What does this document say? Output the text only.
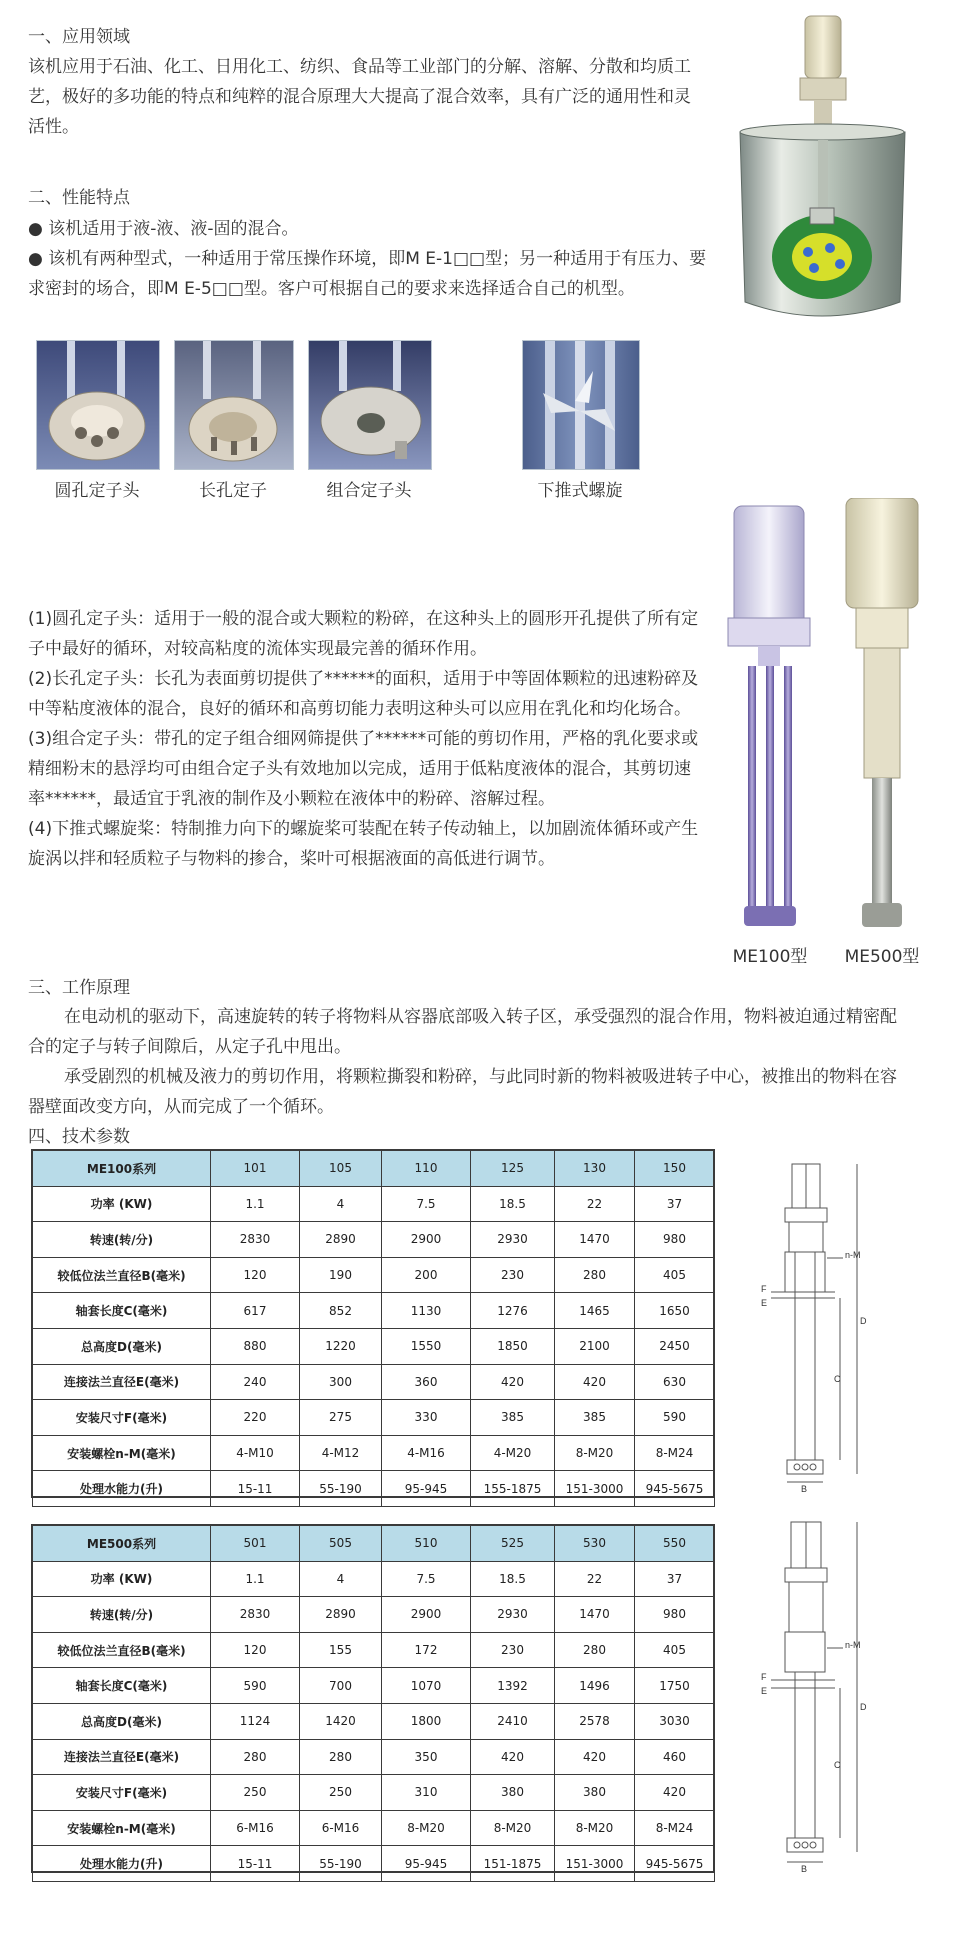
一、应用领域
该机应用于石油、化工、日用化工、纺织、食品等工业部门的分解、溶解、分散和均质工
艺，极好的多功能的特点和纯粹的混合原理大大提高了混合效率，具有广泛的通用性和灵
活性。
二、性能特点
● 该机适用于液-液、液-固的混合。
● 该机有两种型式，一种适用于常压操作环境，即M E-1□□型；另一种适用于有压力、要
求密封的场合，即M E-5□□型。客户可根据自己的要求来选择适合自己的机型。
圆孔定子头	长孔定子	组合定子头	下推式螺旋
(1)圆孔定子头：适用于一般的混合或大颗粒的粉碎，在这种头上的圆形开孔提供了所有定
子中最好的循环，对较高粘度的流体实现最完善的循环作用。
(2)长孔定子头：长孔为表面剪切提供了******的面积，适用于中等固体颗粒的迅速粉碎及
中等粘度液体的混合，良好的循环和高剪切能力表明这种头可以应用在乳化和均化场合。
(3)组合定子头：带孔的定子组合细网筛提供了******可能的剪切作用，严格的乳化要求或
精细粉末的悬浮均可由组合定子头有效地加以完成，适用于低粘度液体的混合，其剪切速
率******，最适宜于乳液的制作及小颗粒在液体中的粉碎、溶解过程。
(4)下推式螺旋桨：特制推力向下的螺旋桨可装配在转子传动轴上，以加剧流体循环或产生
旋涡以拌和轻质粒子与物料的掺合，桨叶可根据液面的高低进行调节。
ME100型	ME500型
三、工作原理
在电动机的驱动下，高速旋转的转子将物料从容器底部吸入转子区，承受强烈的混合作用，物料被迫通过精密配
合的定子与转子间隙后，从定子孔中甩出。
承受剧烈的机械及液力的剪切作用，将颗粒撕裂和粉碎，与此同时新的物料被吸进转子中心，被推出的物料在容
器壁面改变方向，从而完成了一个循环。
四、技术参数
ME100系列	101	105	110	125	130	150
功率 (KW)	1.1	4	7.5	18.5	22	37
转速(转/分)	2830	2890	2900	2930	1470	980
较低位法兰直径B(毫米)	120	190	200	230	280	405
轴套长度C(毫米)	617	852	1130	1276	1465	1650
总高度D(毫米)	880	1220	1550	1850	2100	2450
连接法兰直径E(毫米)	240	300	360	420	420	630
安装尺寸F(毫米)	220	275	330	385	385	590
安装螺栓n-M(毫米)	4-M10	4-M12	4-M16	4-M20	8-M20	8-M24
处理水能力(升)	15-11	55-190	95-945	155-1875	151-3000	945-5675
ME500系列	501	505	510	525	530	550
功率 (KW)	1.1	4	7.5	18.5	22	37
转速(转/分)	2830	2890	2900	2930	1470	980
较低位法兰直径B(毫米)	120	155	172	230	280	405
轴套长度C(毫米)	590	700	1070	1392	1496	1750
总高度D(毫米)	1124	1420	1800	2410	2578	3030
连接法兰直径E(毫米)	280	280	350	420	420	460
安装尺寸F(毫米)	250	250	310	380	380	420
安装螺栓n-M(毫米)	6-M16	6-M16	8-M20	8-M20	8-M20	8-M24
处理水能力(升)	15-11	55-190	95-945	151-1875	151-3000	945-5675
n-M
F
E
C
D
B
n-M
F
E
C
D
B
